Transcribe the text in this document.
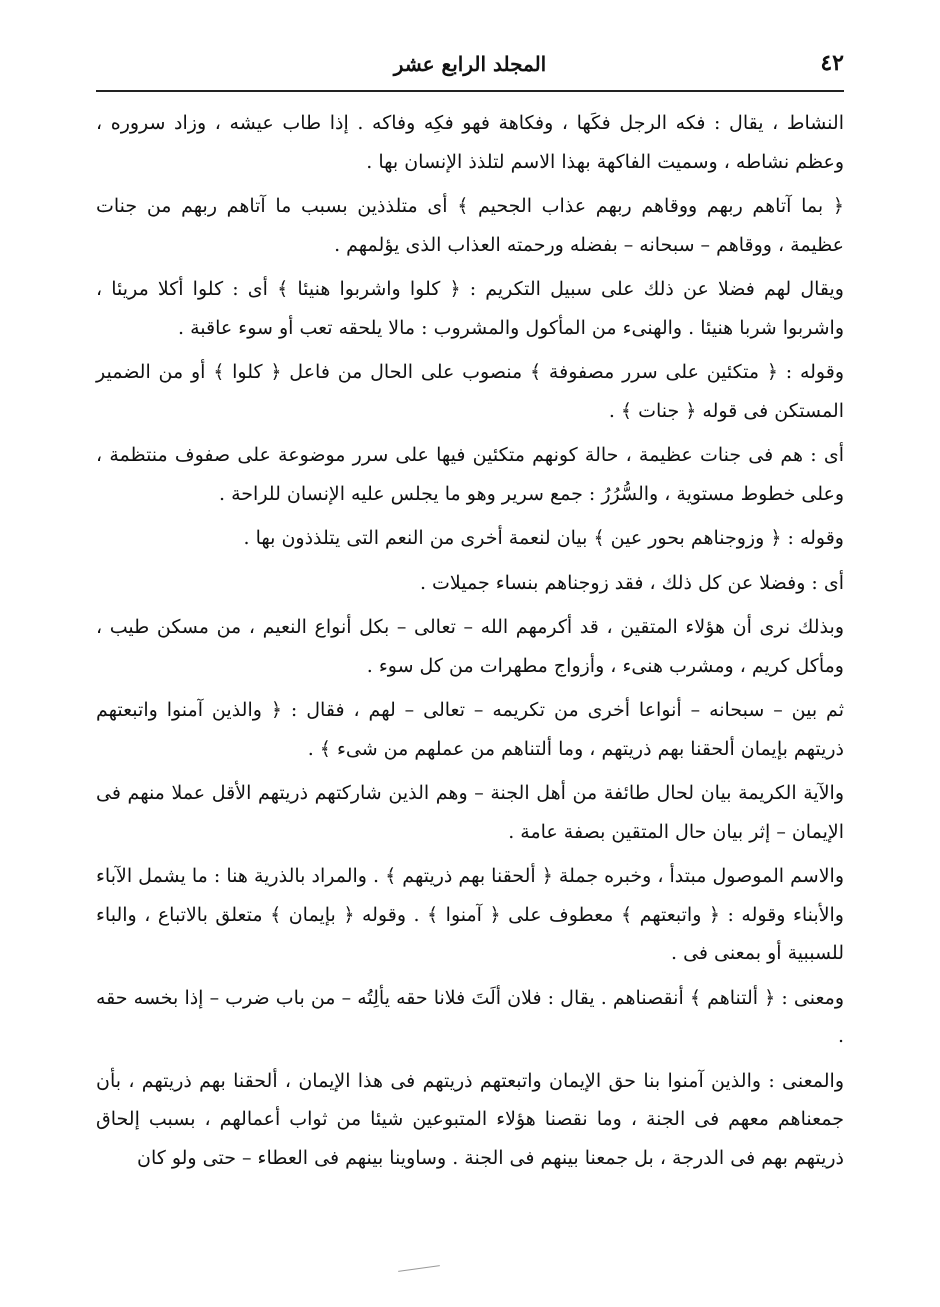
٤٢
المجلد الرابع عشر

النشاط ، يقال : فكه الرجل فكَها ، وفكاهة فهو فكِه وفاكه . إذا طاب عيشه ، وزاد سروره ، وعظم نشاطه ، وسميت الفاكهة بهذا الاسم لتلذذ الإنسان بها .

﴿ بما آتاهم ربهم ووقاهم ربهم عذاب الجحيم ﴾ أى متلذذين بسبب ما آتاهم ربهم من جنات عظيمة ، ووقاهم – سبحانه – بفضله ورحمته العذاب الذى يؤلمهم .

ويقال لهم فضلا عن ذلك على سبيل التكريم : ﴿ كلوا واشربوا هنيئا ﴾ أى : كلوا أكلا مريئا ، واشربوا شربا هنيئا . والهنىء من المأكول والمشروب : مالا يلحقه تعب أو سوء عاقبة .

وقوله : ﴿ متكئين على سرر مصفوفة ﴾ منصوب على الحال من فاعل ﴿ كلوا ﴾ أو من الضمير المستكن فى قوله ﴿ جنات ﴾ .

أى : هم فى جنات عظيمة ، حالة كونهم متكئين فيها على سرر موضوعة على صفوف منتظمة ، وعلى خطوط مستوية ، والسُّرُرُ : جمع سرير وهو ما يجلس عليه الإنسان للراحة .

وقوله : ﴿ وزوجناهم بحور عين ﴾ بيان لنعمة أخرى من النعم التى يتلذذون بها .

أى : وفضلا عن كل ذلك ، فقد زوجناهم بنساء جميلات .

وبذلك نرى أن هؤلاء المتقين ، قد أكرمهم الله – تعالى – بكل أنواع النعيم ، من مسكن طيب ، ومأكل كريم ، ومشرب هنىء ، وأزواج مطهرات من كل سوء .

ثم بين – سبحانه – أنواعا أخرى من تكريمه – تعالى – لهم ، فقال : ﴿ والذين آمنوا واتبعتهم ذريتهم بإيمان ألحقنا بهم ذريتهم ، وما ألتناهم من عملهم من شىء ﴾ .

والآية الكريمة بيان لحال طائفة من أهل الجنة – وهم الذين شاركتهم ذريتهم الأقل عملا منهم فى الإيمان – إثر بيان حال المتقين بصفة عامة .

والاسم الموصول مبتدأ ، وخبره جملة ﴿ ألحقنا بهم ذريتهم ﴾ . والمراد بالذرية هنا : ما يشمل الآباء والأبناء وقوله : ﴿ واتبعتهم ﴾ معطوف على ﴿ آمنوا ﴾ . وقوله ﴿ بإيمان ﴾ متعلق بالاتباع ، والباء للسببية أو بمعنى فى .

ومعنى : ﴿ ألتناهم ﴾ أنقصناهم . يقال : فلان ألَتَ فلانا حقه يألِتُه – من باب ضرب – إذا بخسه حقه .

والمعنى : والذين آمنوا بنا حق الإيمان واتبعتهم ذريتهم فى هذا الإيمان ، ألحقنا بهم ذريتهم ، بأن جمعناهم معهم فى الجنة ، وما نقصنا هؤلاء المتبوعين شيئا من ثواب أعمالهم ، بسبب إلحاق ذريتهم بهم فى الدرجة ، بل جمعنا بينهم فى الجنة . وساوينا بينهم فى العطاء – حتى ولو كان
